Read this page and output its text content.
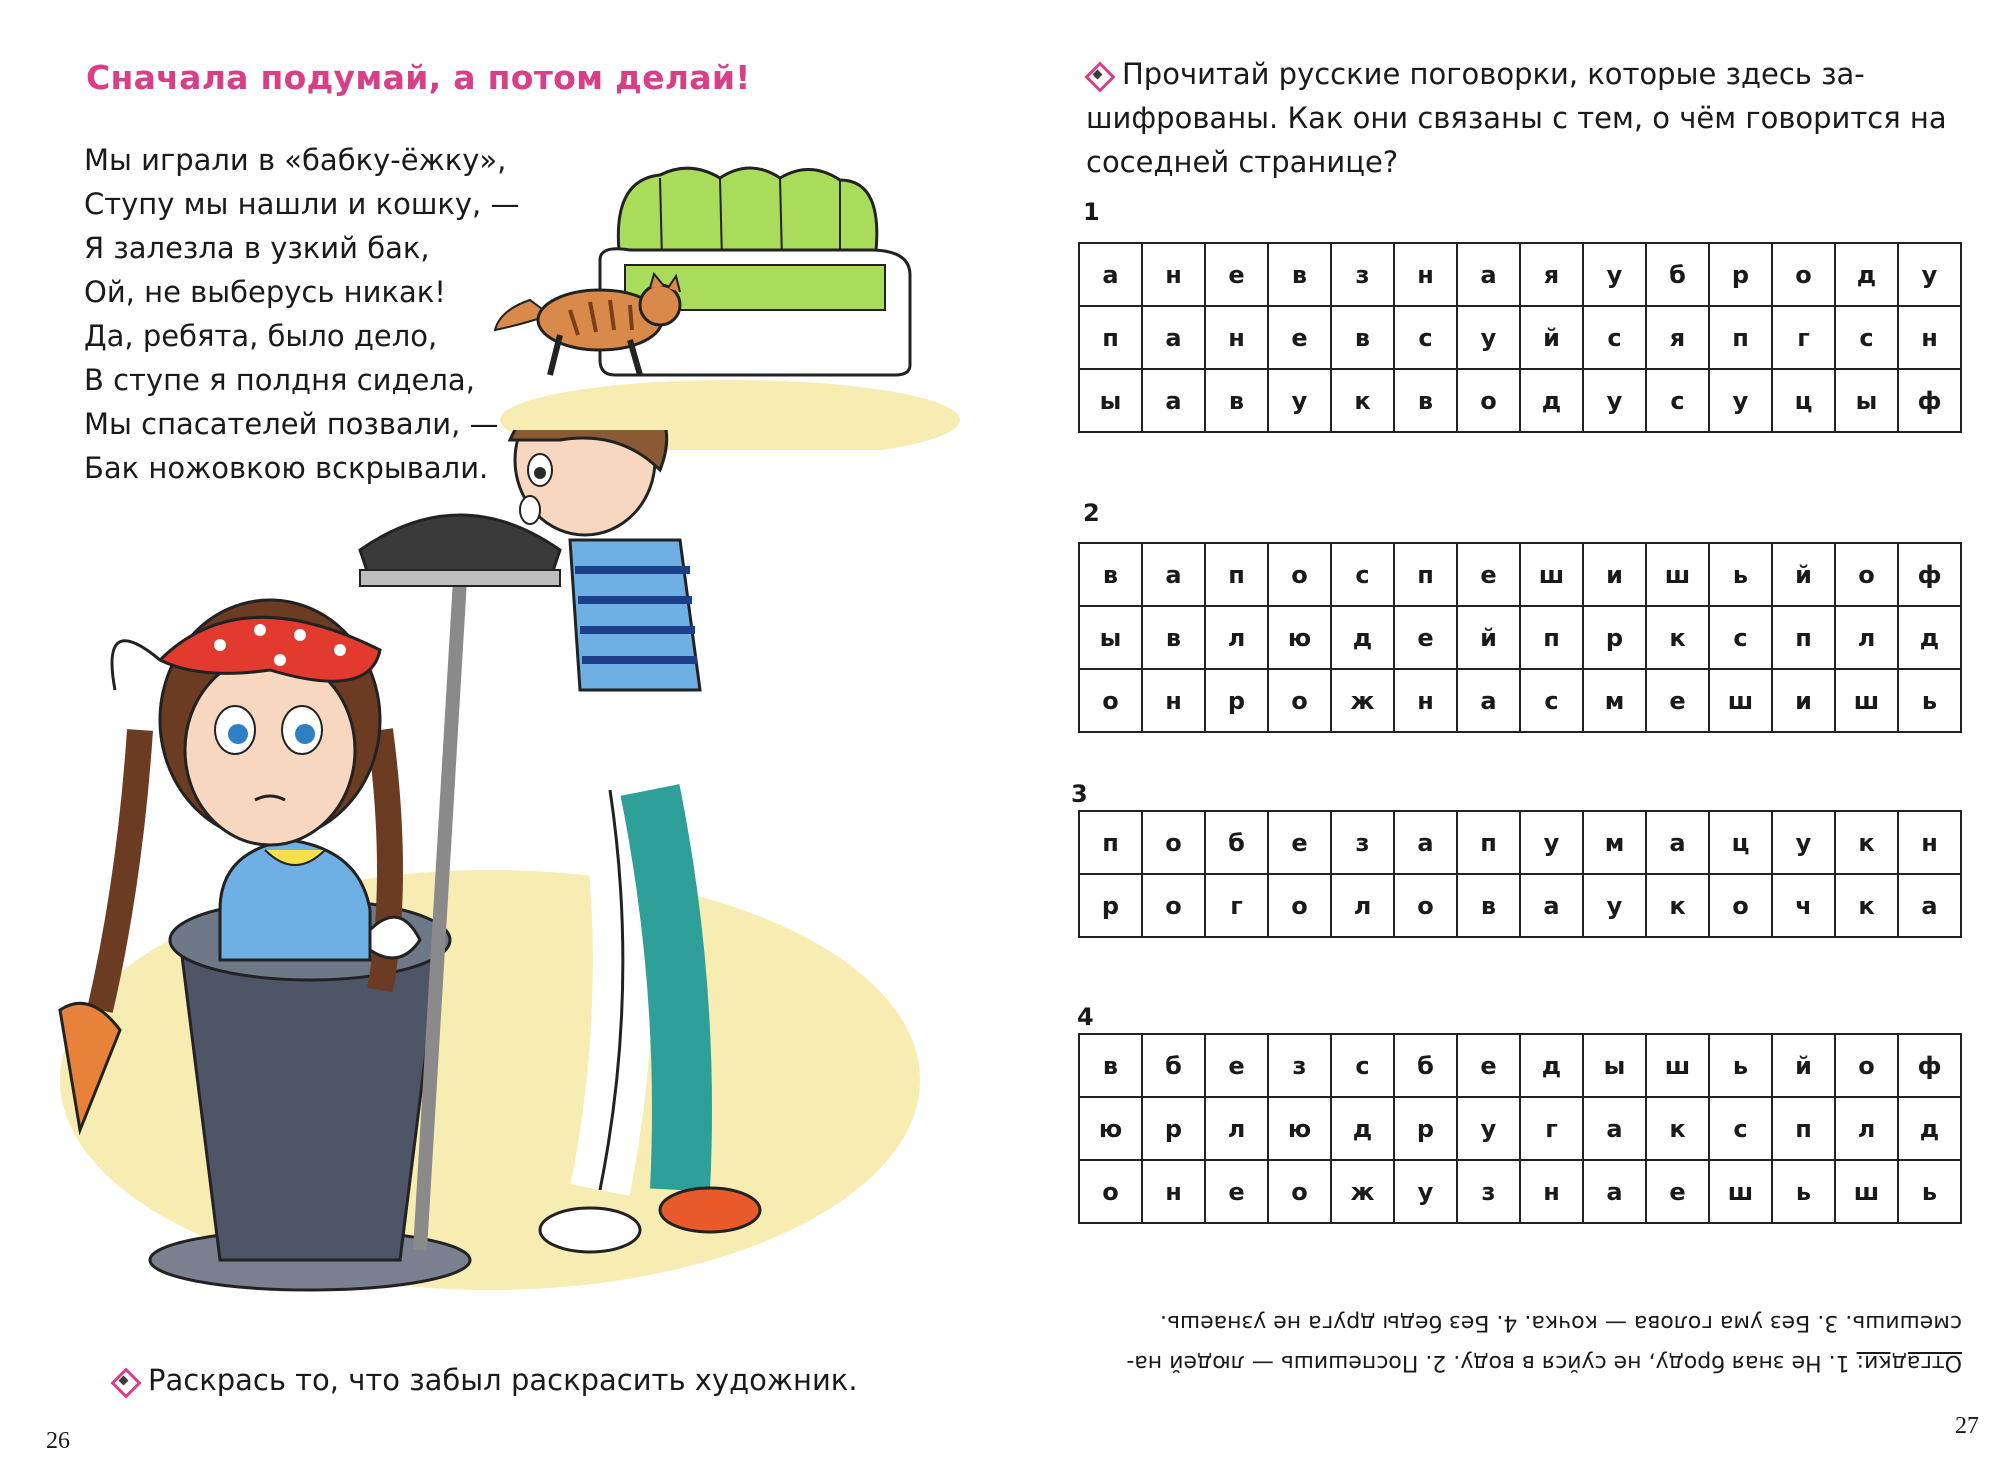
Сначала подумай, а потом делай!
Мы играли в «бабку-ёжку»,
Ступу мы нашли и кошку, —
Я залезла в узкий бак,
Ой, не выберусь никак!
Да, ребята, было дело,
В ступе я полдня сидела,
Мы спасателей позвали, —
Бак ножовкою вскрывали.
Раскрась то, что забыл раскрасить художник.
26
Прочитай русские поговорки, которые здесь за-
шифрованы. Как они связаны с тем, о чём говорится на
соседней странице?
1
а	н	е	в	з	н	а	я	у	б	р	о	д	у
п	а	н	е	в	с	у	й	с	я	п	г	с	н
ы	а	в	у	к	в	о	д	у	с	у	ц	ы	ф
2
в	а	п	о	с	п	е	ш	и	ш	ь	й	о	ф
ы	в	л	ю	д	е	й	п	р	к	с	п	л	д
о	н	р	о	ж	н	а	с	м	е	ш	и	ш	ь
3
п	о	б	е	з	а	п	у	м	а	ц	у	к	н
р	о	г	о	л	о	в	а	у	к	о	ч	к	а
4
в	б	е	з	с	б	е	д	ы	ш	ь	й	о	ф
ю	р	л	ю	д	р	у	г	а	к	с	п	л	д
о	н	е	о	ж	у	з	н	а	е	ш	ь	ш	ь
Отгадки: 1. Не зная броду, не суйся в воду. 2. Поспешишь — людей на-
смешишь. 3. Без ума голова — кочка. 4. Без беды друга не узнаешь.
27
